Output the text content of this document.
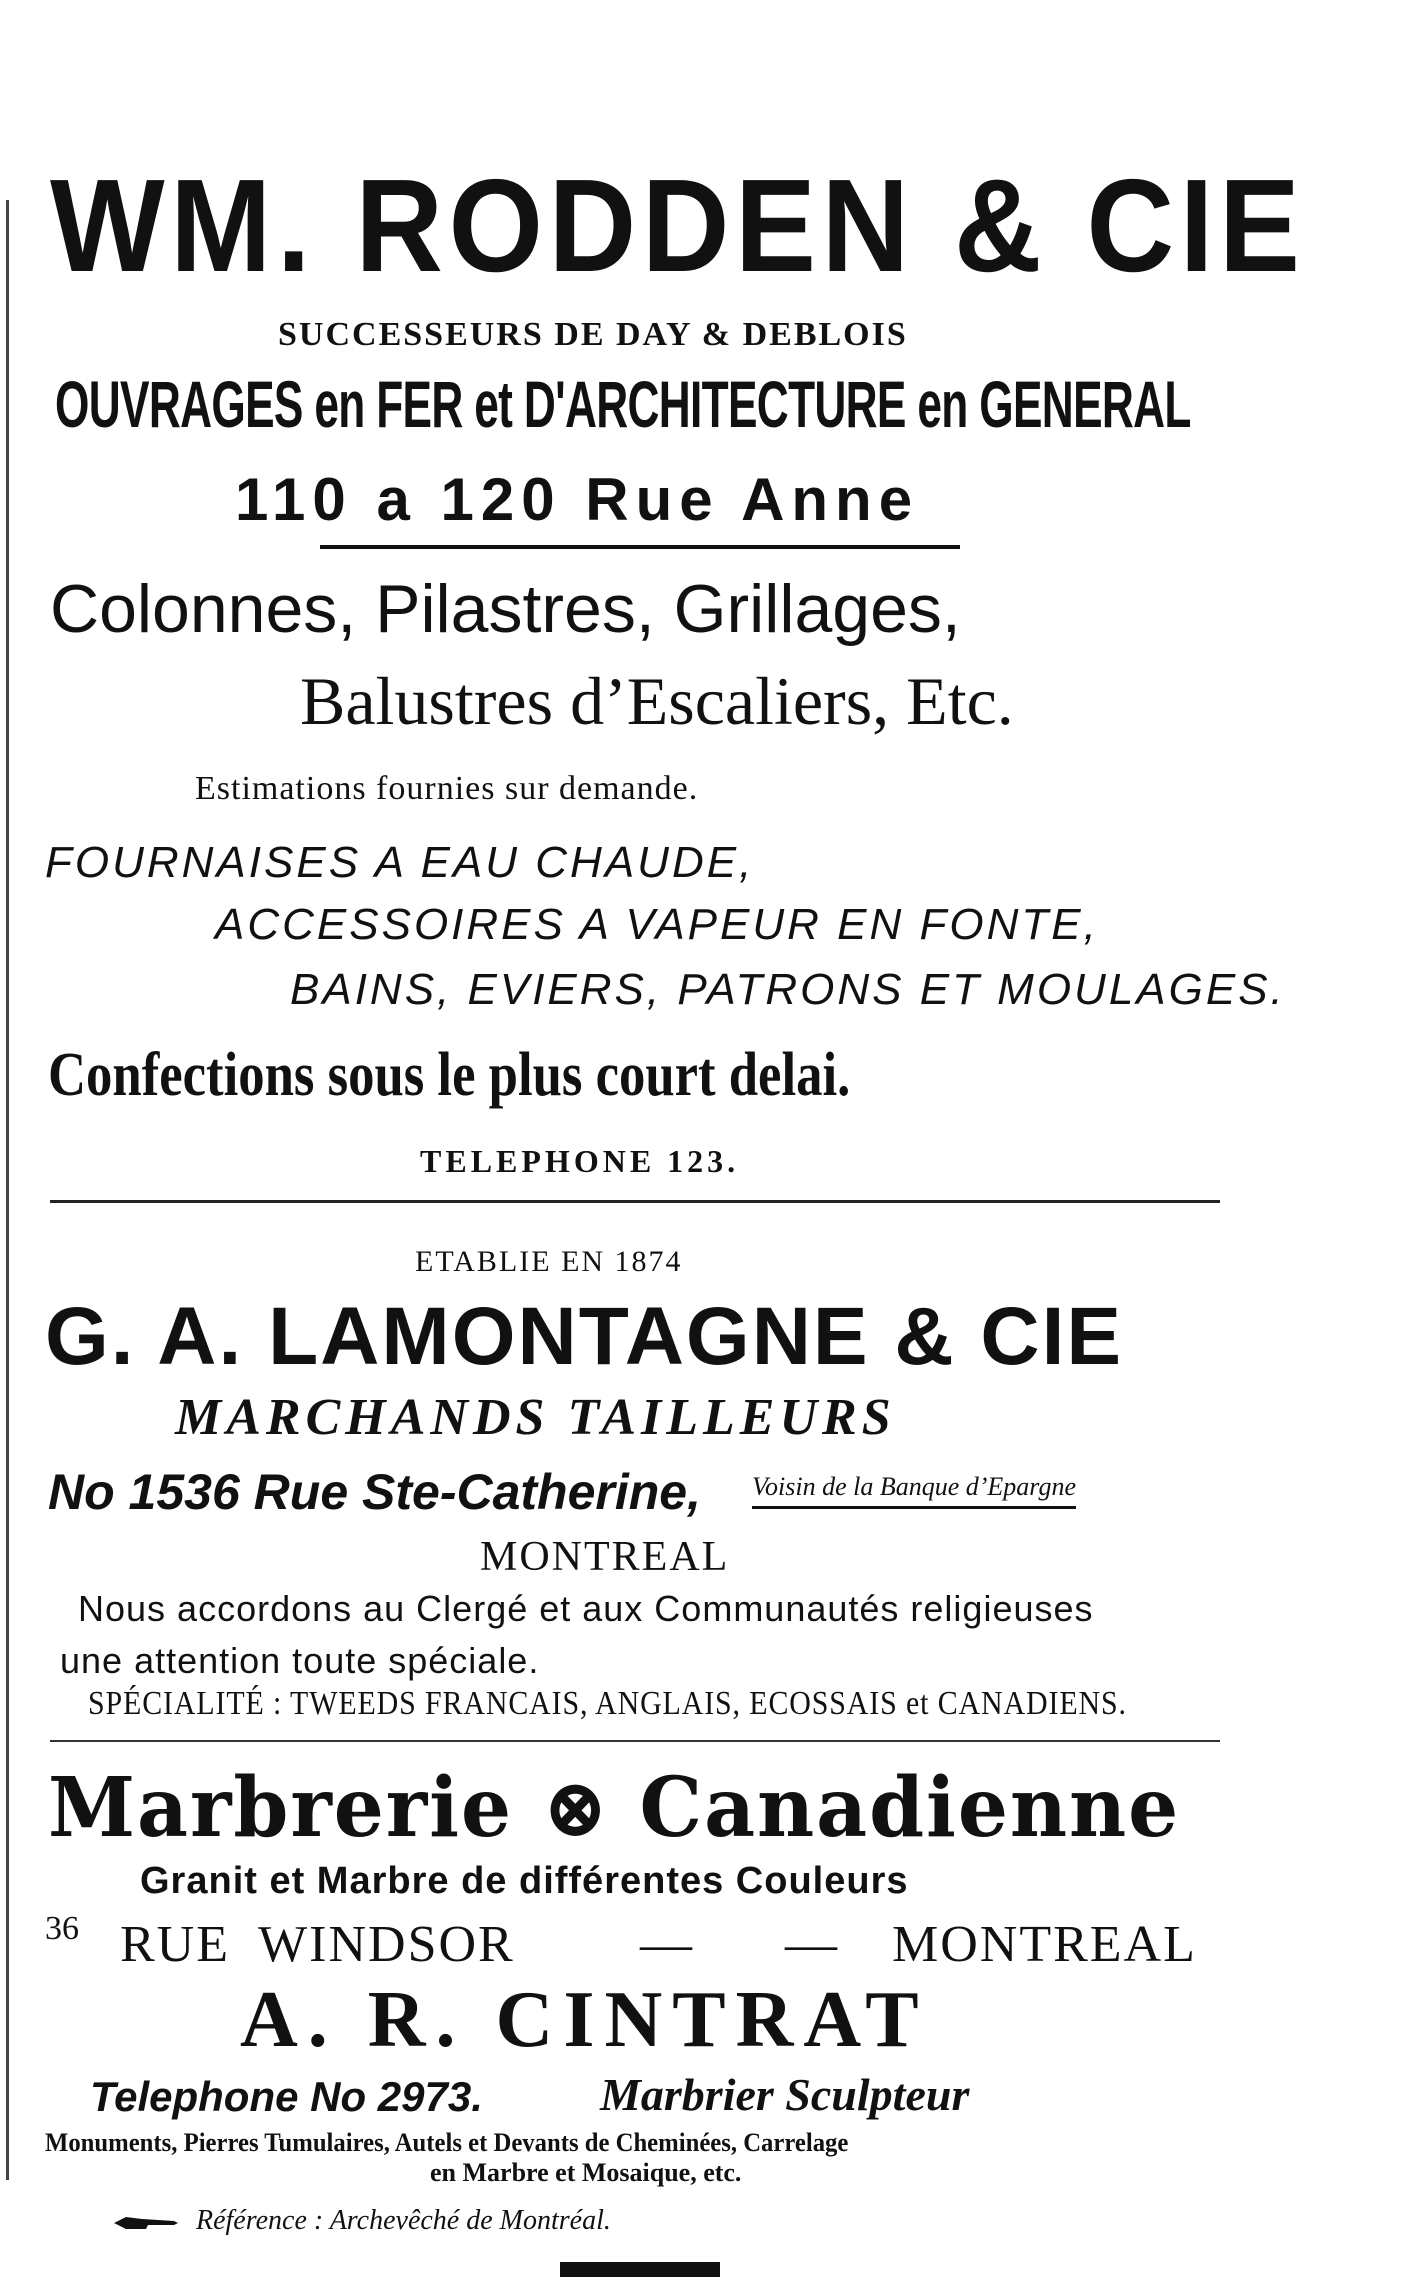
WM. RODDEN & CIE
SUCCESSEURS DE DAY & DEBLOIS
OUVRAGES en FER et D'ARCHITECTURE en GENERAL
110 a 120 Rue Anne
Colonnes, Pilastres, Grillages,
Balustres d’Escaliers, Etc.
Estimations fournies sur demande.
FOURNAISES A EAU CHAUDE,
ACCESSOIRES A VAPEUR EN FONTE,
BAINS, EVIERS, PATRONS ET MOULAGES.
Confections sous le plus court delai.
TELEPHONE 123.
ETABLIE EN 1874
G. A. LAMONTAGNE & CIE
MARCHANDS TAILLEURS
No 1536 Rue Ste-Catherine, Voisin de la Banque d’Epargne
MONTREAL
Nous accordons au Clergé et aux Communautés religieuses
une attention toute spéciale.
SPÉCIALITÉ : TWEEDS FRANCAIS, ANGLAIS, ECOSSAIS et CANADIENS.
Marbrerie ⊗ Canadienne
Granit et Marbre de différentes Couleurs
36 RUE WINDSOR — — MONTREAL
A. R. CINTRAT
Telephone No 2973.	Marbrier Sculpteur
Monuments, Pierres Tumulaires, Autels et Devants de Cheminées, Carrelage
en Marbre et Mosaique, etc.
Référence : Archevêché de Montréal.
